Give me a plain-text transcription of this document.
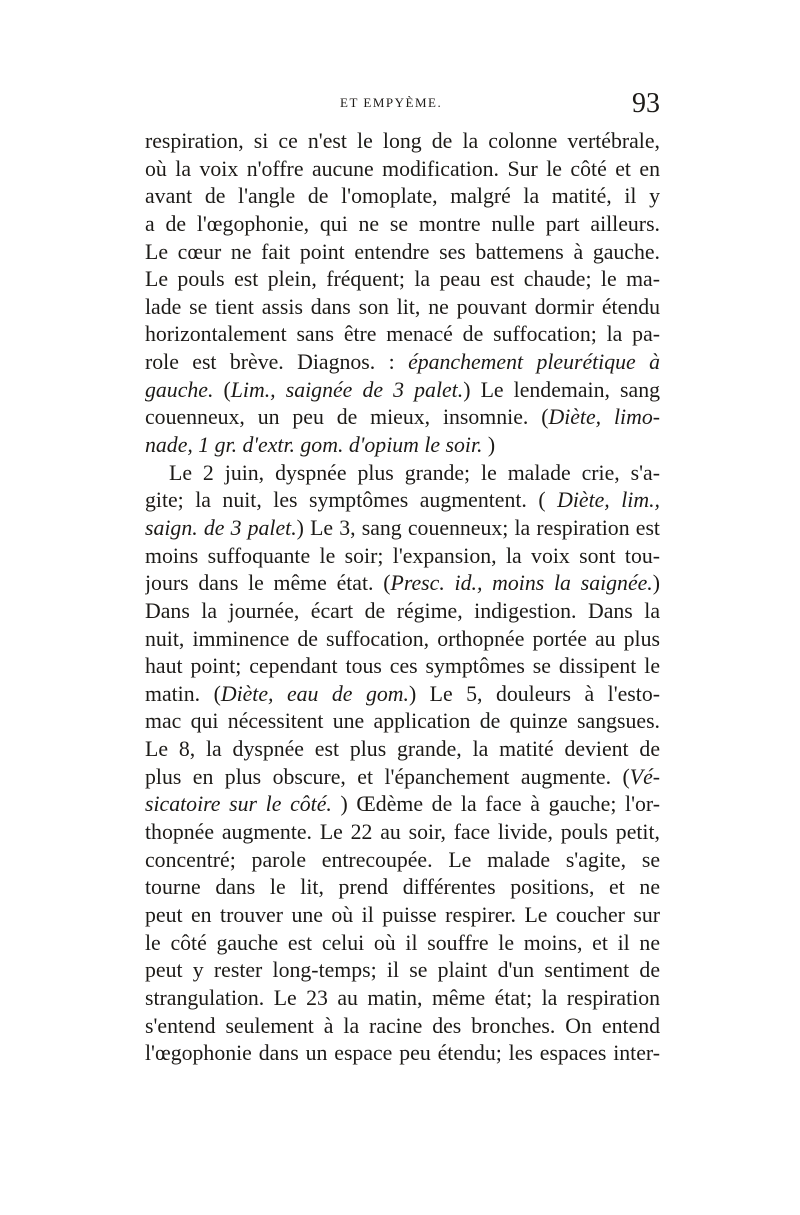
ET EMPYÈME.	93
respiration, si ce n'est le long de la colonne vertébrale,
où la voix n'offre aucune modification. Sur le côté et en
avant de l'angle de l'omoplate, malgré la matité, il y
a de l'œgophonie, qui ne se montre nulle part ailleurs.
Le cœur ne fait point entendre ses battemens à gauche.
Le pouls est plein, fréquent; la peau est chaude; le ma-
lade se tient assis dans son lit, ne pouvant dormir étendu
horizontalement sans être menacé de suffocation; la pa-
role est brève. Diagnos. : épanchement pleurétique à
gauche. (Lim., saignée de 3 palet.) Le lendemain, sang
couenneux, un peu de mieux, insomnie. (Diète, limo-
nade, 1 gr. d'extr. gom. d'opium le soir. )
Le 2 juin, dyspnée plus grande; le malade crie, s'a-
gite; la nuit, les symptômes augmentent. ( Diète, lim.,
saign. de 3 palet.) Le 3, sang couenneux; la respiration est
moins suffoquante le soir; l'expansion, la voix sont tou-
jours dans le même état. (Presc. id., moins la saignée.)
Dans la journée, écart de régime, indigestion. Dans la
nuit, imminence de suffocation, orthopnée portée au plus
haut point; cependant tous ces symptômes se dissipent le
matin. (Diète, eau de gom.) Le 5, douleurs à l'esto-
mac qui nécessitent une application de quinze sangsues.
Le 8, la dyspnée est plus grande, la matité devient de
plus en plus obscure, et l'épanchement augmente. (Vé-
sicatoire sur le côté. ) Œdème de la face à gauche; l'or-
thopnée augmente. Le 22 au soir, face livide, pouls petit,
concentré; parole entrecoupée. Le malade s'agite, se
tourne dans le lit, prend différentes positions, et ne
peut en trouver une où il puisse respirer. Le coucher sur
le côté gauche est celui où il souffre le moins, et il ne
peut y rester long-temps; il se plaint d'un sentiment de
strangulation. Le 23 au matin, même état; la respiration
s'entend seulement à la racine des bronches. On entend
l'œgophonie dans un espace peu étendu; les espaces inter-
